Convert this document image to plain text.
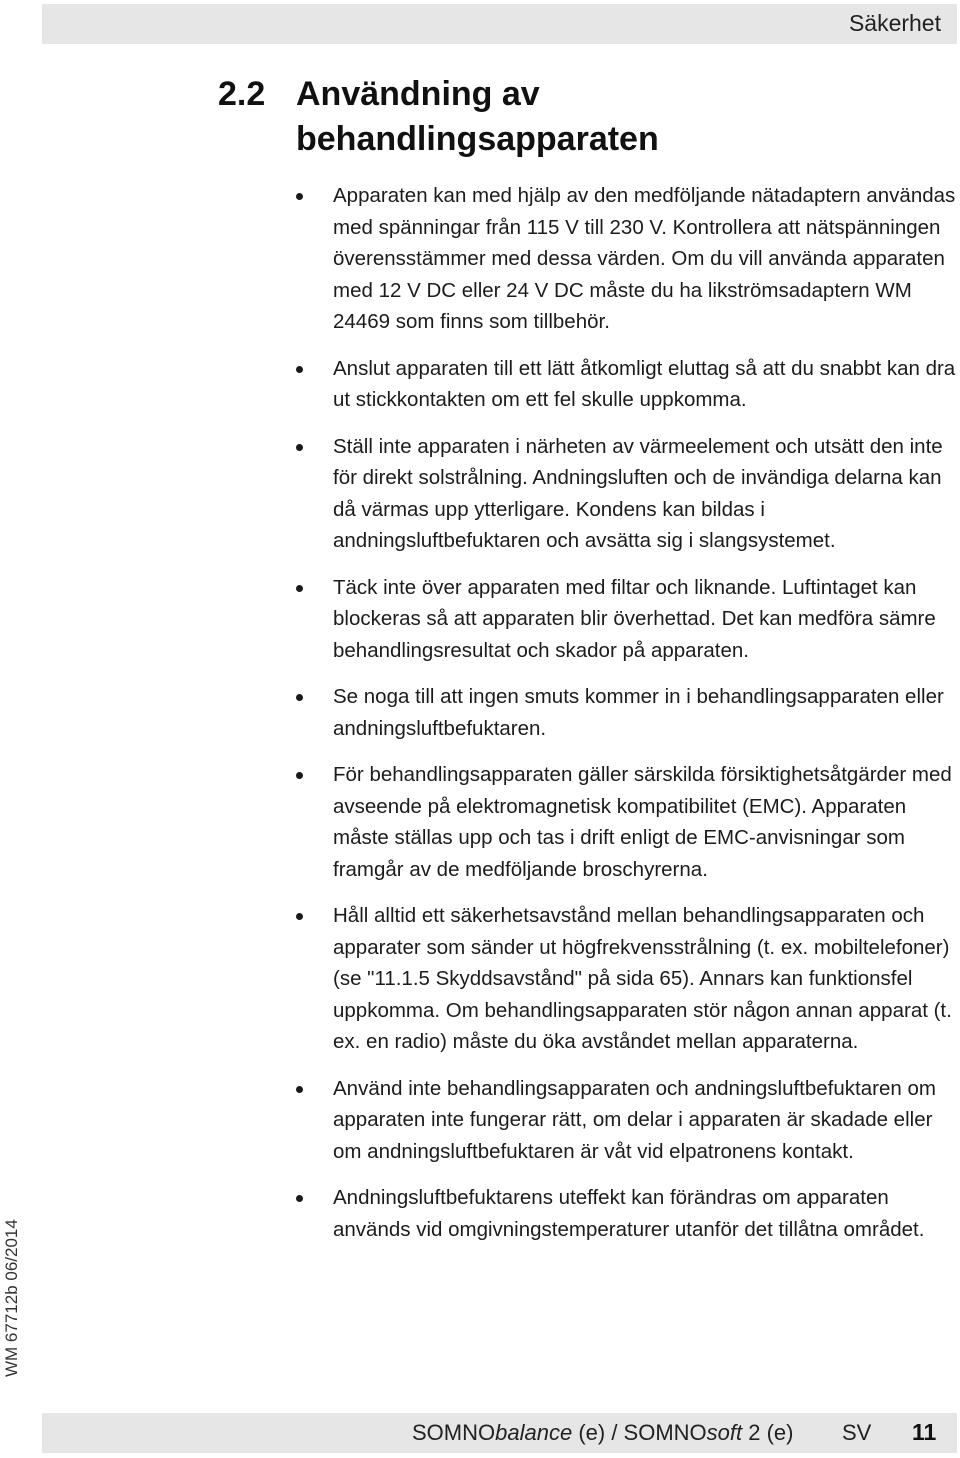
Säkerhet
2.2 Användning av behandlingsapparaten
Apparaten kan med hjälp av den medföljande nätadaptern användas med spänningar från 115 V till 230 V. Kontrollera att nätspänningen överensstämmer med dessa värden. Om du vill använda apparaten med 12 V DC eller 24 V DC måste du ha likströmsadaptern WM 24469 som finns som tillbehör.
Anslut apparaten till ett lätt åtkomligt eluttag så att du snabbt kan dra ut stickkontakten om ett fel skulle uppkomma.
Ställ inte apparaten i närheten av värmeelement och utsätt den inte för direkt solstrålning. Andningsluften och de invändiga delarna kan då värmas upp ytterligare. Kondens kan bildas i andningsluftbefuktaren och avsätta sig i slangsystemet.
Täck inte över apparaten med filtar och liknande. Luftintaget kan blockeras så att apparaten blir överhettad. Det kan medföra sämre behandlingsresultat och skador på apparaten.
Se noga till att ingen smuts kommer in i behandlingsapparaten eller andningsluftbefuktaren.
För behandlingsapparaten gäller särskilda försiktighetsåtgärder med avseende på elektromagnetisk kompatibilitet (EMC). Apparaten måste ställas upp och tas i drift enligt de EMC-anvisningar som framgår av de medföljande broschyrerna.
Håll alltid ett säkerhetsavstånd mellan behandlingsapparaten och apparater som sänder ut högfrekvensstrålning (t. ex. mobiltelefoner) (se "11.1.5 Skyddsavstånd" på sida 65). Annars kan funktionsfel uppkomma. Om behandlingsapparaten stör någon annan apparat (t. ex. en radio) måste du öka avståndet mellan apparaterna.
Använd inte behandlingsapparaten och andningsluftbefuktaren om apparaten inte fungerar rätt, om delar i apparaten är skadade eller om andningsluftbefuktaren är våt vid elpatronens kontakt.
Andningsluftbefuktarens uteffekt kan förändras om apparaten används vid omgivningstemperaturer utanför det tillåtna området.
WM 67712b 06/2014
SOMNObalance (e) / SOMNOsoft 2 (e) SV 11
